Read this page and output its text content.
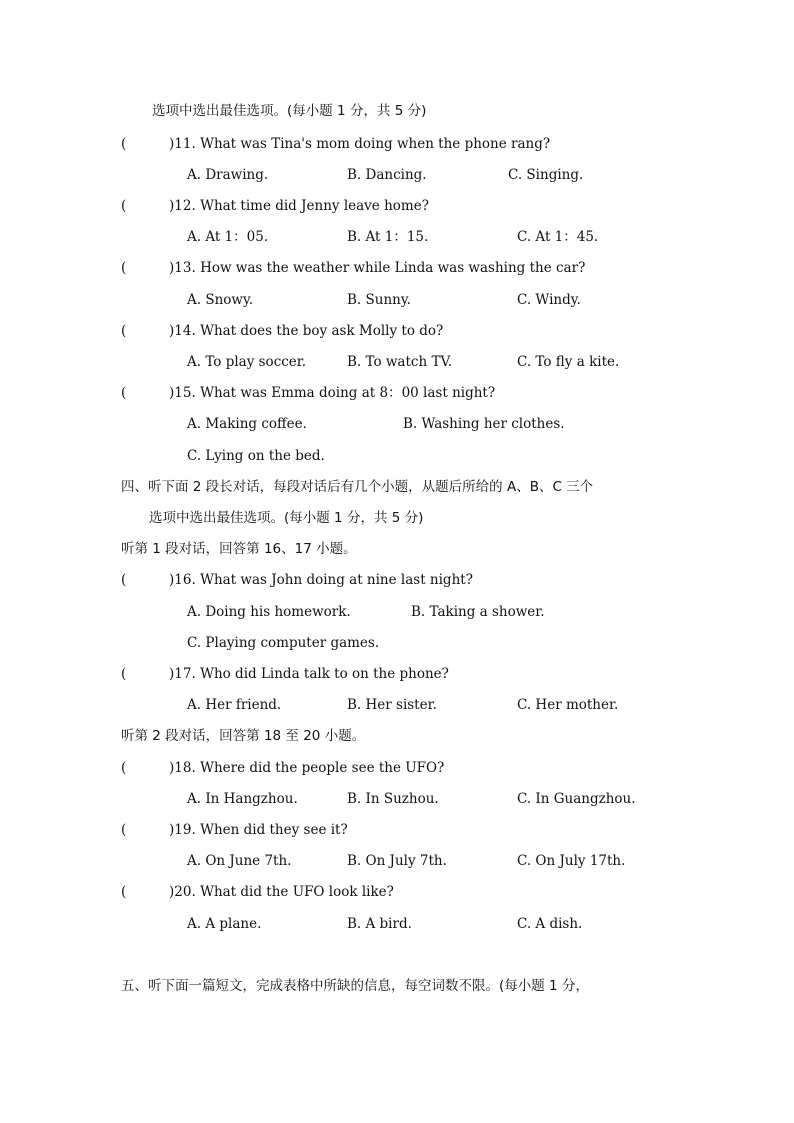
选项中选出最佳选项。(每小题 1 分，共 5 分)
(	)11. What was Tina's mom doing when the phone rang?
A. Drawing.	B. Dancing.	C. Singing.
(	)12. What time did Jenny leave home?
A. At 1：05.	B. At 1：15.	C. At 1：45.
(	)13. How was the weather while Linda was washing the car?
A. Snowy.	B. Sunny.	C. Windy.
(	)14. What does the boy ask Molly to do?
A. To play soccer.	B. To watch TV.	C. To fly a kite.
(	)15. What was Emma doing at 8：00 last night?
A. Making coffee.	B. Washing her clothes.
C. Lying on the bed.
四、听下面 2 段长对话，每段对话后有几个小题，从题后所给的 A、B、C 三个
选项中选出最佳选项。(每小题 1 分，共 5 分)
听第 1 段对话，回答第 16、17 小题。
(	)16. What was John doing at nine last night?
A. Doing his homework.	B. Taking a shower.
C. Playing computer games.
(	)17. Who did Linda talk to on the phone?
A. Her friend.	B. Her sister.	C. Her mother.
听第 2 段对话，回答第 18 至 20 小题。
(	)18. Where did the people see the UFO?
A. In Hangzhou.	B. In Suzhou.	C. In Guangzhou.
(	)19. When did they see it?
A. On June 7th.	B. On July 7th.	C. On July 17th.
(	)20. What did the UFO look like?
A. A plane.	B. A bird.	C. A dish.
五、听下面一篇短文，完成表格中所缺的信息，每空词数不限。(每小题 1 分，
